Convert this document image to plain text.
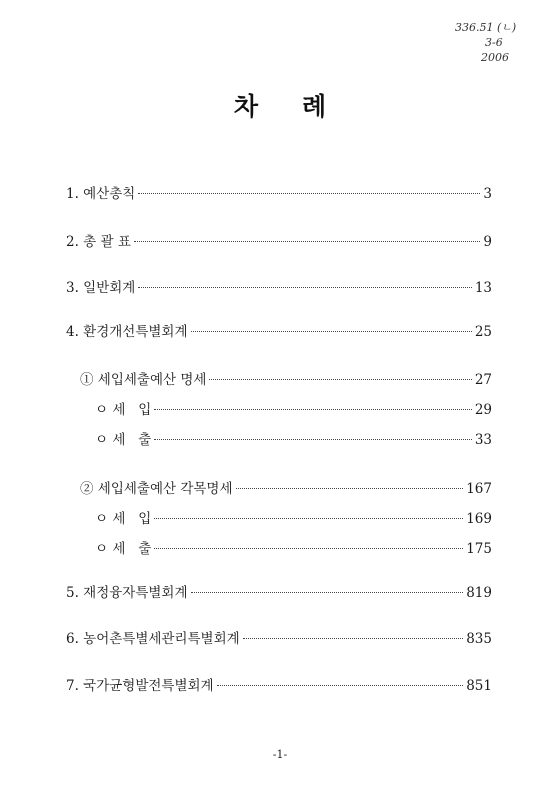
336.51 (ㄴ)
3-6
2006
차례
1. 예산총칙	3
2. 총 괄 표	9
3. 일반회계	13
4. 환경개선특별회계	25
① 세입세출예산 명세	27
ㅇ 세   입	29
ㅇ 세   출	33
② 세입세출예산 각목명세	167
ㅇ 세   입	169
ㅇ 세   출	175
5. 재정융자특별회계	819
6. 농어촌특별세관리특별회계	835
7. 국가균형발전특별회계	851
-1-
